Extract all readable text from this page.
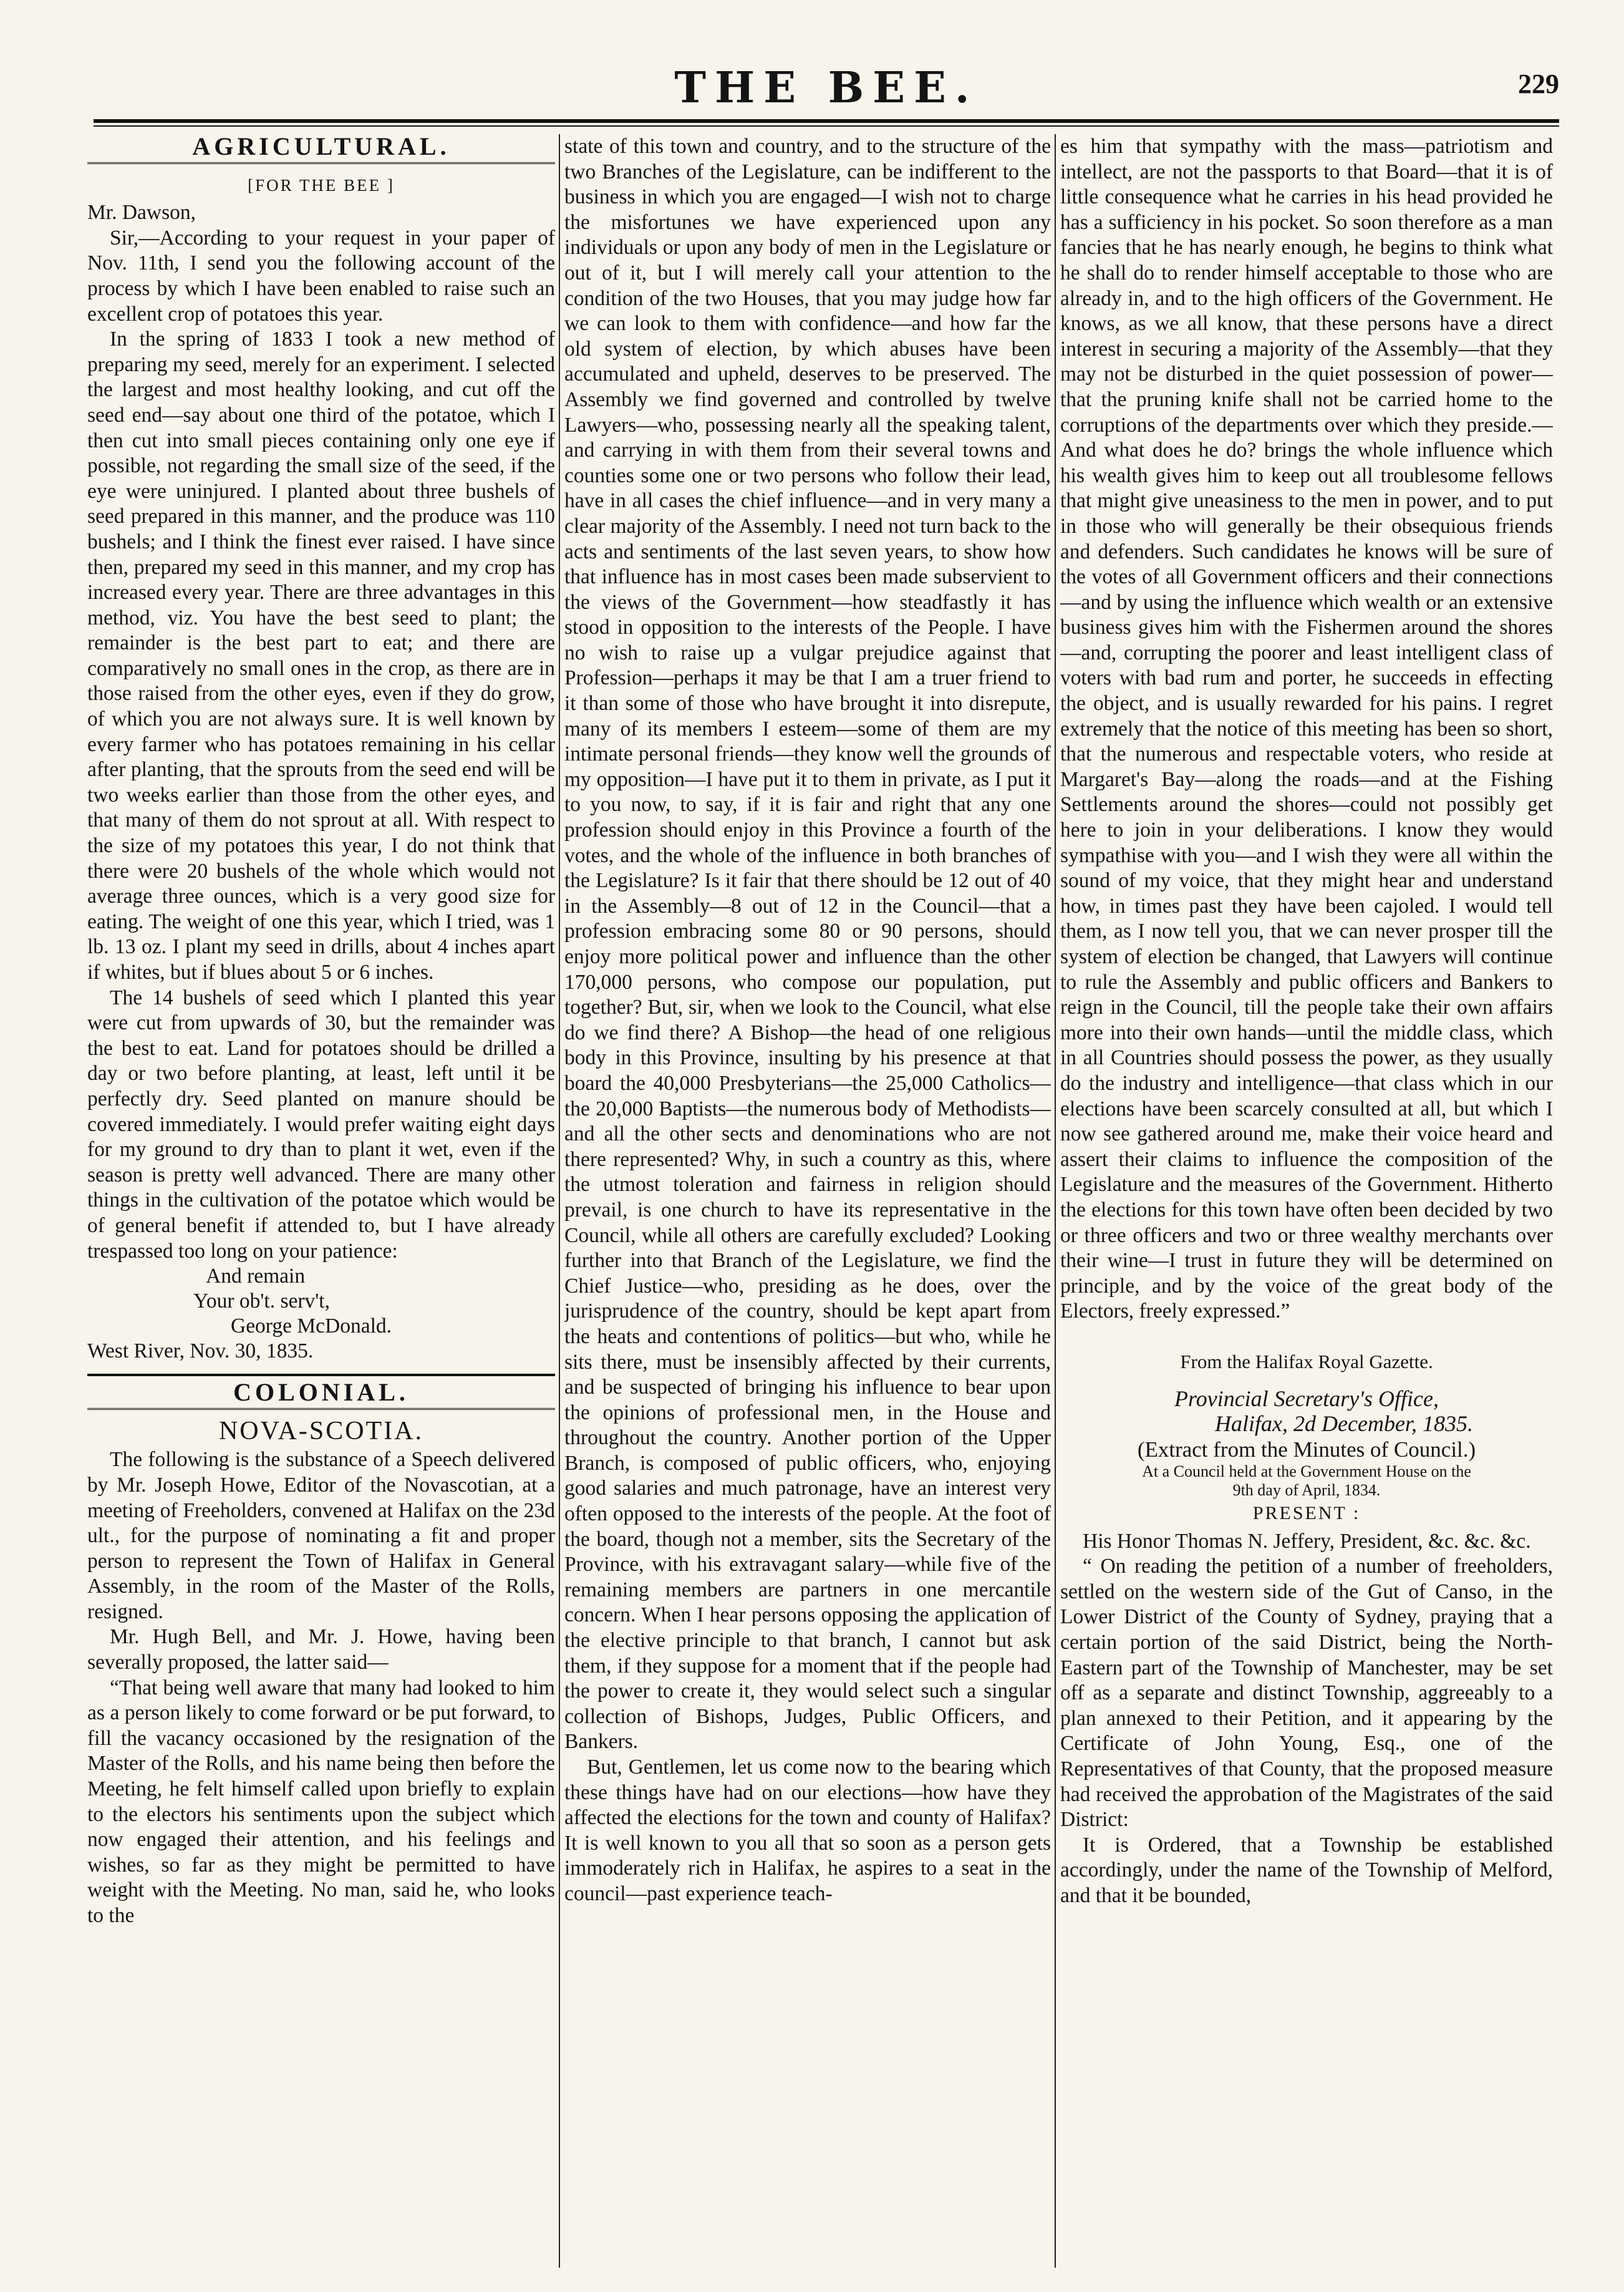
THE BEE.	229
AGRICULTURAL.
[FOR THE BEE ]
Mr. Dawson,

Sir,—According to your request in your paper of Nov. 11th, I send you the following account of the process by which I have been enabled to raise such an excellent crop of potatoes this year.

In the spring of 1833 I took a new method of preparing my seed, merely for an experiment. I selected the largest and most healthy looking, and cut off the seed end—say about one third of the potatoe, which I then cut into small pieces containing only one eye if possible, not regarding the small size of the seed, if the eye were uninjured. I planted about three bushels of seed prepared in this manner, and the produce was 110 bushels; and I think the finest ever raised. I have since then, prepared my seed in this manner, and my crop has increased every year. There are three advantages in this method, viz. You have the best seed to plant; the remainder is the best part to eat; and there are comparatively no small ones in the crop, as there are in those raised from the other eyes, even if they do grow, of which you are not always sure. It is well known by every farmer who has potatoes remaining in his cellar after planting, that the sprouts from the seed end will be two weeks earlier than those from the other eyes, and that many of them do not sprout at all. With respect to the size of my potatoes this year, I do not think that there were 20 bushels of the whole which would not average three ounces, which is a very good size for eating. The weight of one this year, which I tried, was 1 lb. 13 oz. I plant my seed in drills, about 4 inches apart if whites, but if blues about 5 or 6 inches.

The 14 bushels of seed which I planted this year were cut from upwards of 30, but the remainder was the best to eat. Land for potatoes should be drilled a day or two before planting, at least, left until it be perfectly dry. Seed planted on manure should be covered immediately. I would prefer waiting eight days for my ground to dry than to plant it wet, even if the season is pretty well advanced. There are many other things in the cultivation of the potatoe which would be of general benefit if attended to, but I have already trespassed too long on your patience:

And remain
Your ob't. serv't,
George McDonald.
West River, Nov. 30, 1835.
COLONIAL.
NOVA-SCOTIA.

The following is the substance of a Speech delivered by Mr. Joseph Howe, Editor of the Novascotian, at a meeting of Freeholders, convened at Halifax on the 23d ult., for the purpose of nominating a fit and proper person to represent the Town of Halifax in General Assembly, in the room of the Master of the Rolls, resigned.

Mr. Hugh Bell, and Mr. J. Howe, having been severally proposed, the latter said—

“That being well aware that many had looked to him as a person likely to come forward or be put forward, to fill the vacancy occasioned by the resignation of the Master of the Rolls, and his name being then before the Meeting, he felt himself called upon briefly to explain to the electors his sentiments upon the subject which now engaged their attention, and his feelings and wishes, so far as they might be permitted to have weight with the Meeting. No man, said he, who looks to the

state of this town and country, and to the structure of the two Branches of the Legislature, can be indifferent to the business in which you are engaged—I wish not to charge the misfortunes we have experienced upon any individuals or upon any body of men in the Legislature or out of it, but I will merely call your attention to the condition of the two Houses, that you may judge how far we can look to them with confidence—and how far the old system of election, by which abuses have been accumulated and upheld, deserves to be preserved. The Assembly we find governed and controlled by twelve Lawyers—who, possessing nearly all the speaking talent, and carrying in with them from their several towns and counties some one or two persons who follow their lead, have in all cases the chief influence—and in very many a clear majority of the Assembly. I need not turn back to the acts and sentiments of the last seven years, to show how that influence has in most cases been made subservient to the views of the Government—how steadfastly it has stood in opposition to the interests of the People. I have no wish to raise up a vulgar prejudice against that Profession—perhaps it may be that I am a truer friend to it than some of those who have brought it into disrepute, many of its members I esteem—some of them are my intimate personal friends—they know well the grounds of my opposition—I have put it to them in private, as I put it to you now, to say, if it is fair and right that any one profession should enjoy in this Province a fourth of the votes, and the whole of the influence in both branches of the Legislature? Is it fair that there should be 12 out of 40 in the Assembly—8 out of 12 in the Council—that a profession embracing some 80 or 90 persons, should enjoy more political power and influence than the other 170,000 persons, who compose our population, put together? But, sir, when we look to the Council, what else do we find there? A Bishop—the head of one religious body in this Province, insulting by his presence at that board the 40,000 Presbyterians—the 25,000 Catholics—the 20,000 Baptists—the numerous body of Methodists—and all the other sects and denominations who are not there represented? Why, in such a country as this, where the utmost toleration and fairness in religion should prevail, is one church to have its representative in the Council, while all others are carefully excluded? Looking further into that Branch of the Legislature, we find the Chief Justice—who, presiding as he does, over the jurisprudence of the country, should be kept apart from the heats and contentions of politics—but who, while he sits there, must be insensibly affected by their currents, and be suspected of bringing his influence to bear upon the opinions of professional men, in the House and throughout the country. Another portion of the Upper Branch, is composed of public officers, who, enjoying good salaries and much patronage, have an interest very often opposed to the interests of the people. At the foot of the board, though not a member, sits the Secretary of the Province, with his extravagant salary—while five of the remaining members are partners in one mercantile concern. When I hear persons opposing the application of the elective principle to that branch, I cannot but ask them, if they suppose for a moment that if the people had the power to create it, they would select such a singular collection of Bishops, Judges, Public Officers, and Bankers.

But, Gentlemen, let us come now to the bearing which these things have had on our elections—how have they affected the elections for the town and county of Halifax? It is well known to you all that so soon as a person gets immoderately rich in Halifax, he aspires to a seat in the council—past experience teach-

es him that sympathy with the mass—patriotism and intellect, are not the passports to that Board—that it is of little consequence what he carries in his head provided he has a sufficiency in his pocket. So soon therefore as a man fancies that he has nearly enough, he begins to think what he shall do to render himself acceptable to those who are already in, and to the high officers of the Government. He knows, as we all know, that these persons have a direct interest in securing a majority of the Assembly—that they may not be disturbed in the quiet possession of power—that the pruning knife shall not be carried home to the corruptions of the departments over which they preside.—And what does he do? brings the whole influence which his wealth gives him to keep out all troublesome fellows that might give uneasiness to the men in power, and to put in those who will generally be their obsequious friends and defenders. Such candidates he knows will be sure of the votes of all Government officers and their connections—and by using the influence which wealth or an extensive business gives him with the Fishermen around the shores—and, corrupting the poorer and least intelligent class of voters with bad rum and porter, he succeeds in effecting the object, and is usually rewarded for his pains. I regret extremely that the notice of this meeting has been so short, that the numerous and respectable voters, who reside at Margaret's Bay—along the roads—and at the Fishing Settlements around the shores—could not possibly get here to join in your deliberations. I know they would sympathise with you—and I wish they were all within the sound of my voice, that they might hear and understand how, in times past they have been cajoled. I would tell them, as I now tell you, that we can never prosper till the system of election be changed, that Lawyers will continue to rule the Assembly and public officers and Bankers to reign in the Council, till the people take their own affairs more into their own hands—until the middle class, which in all Countries should possess the power, as they usually do the industry and intelligence—that class which in our elections have been scarcely consulted at all, but which I now see gathered around me, make their voice heard and assert their claims to influence the composition of the Legislature and the measures of the Government. Hitherto the elections for this town have often been decided by two or three officers and two or three wealthy merchants over their wine—I trust in future they will be determined on principle, and by the voice of the great body of the Electors, freely expressed.”

From the Halifax Royal Gazette.
Provincial Secretary's Office,
Halifax, 2d December, 1835.
(Extract from the Minutes of Council.)
At a Council held at the Government House on the
9th day of April, 1834.
PRESENT :

His Honor Thomas N. Jeffery, President, &c. &c. &c.

“ On reading the petition of a number of freeholders, settled on the western side of the Gut of Canso, in the Lower District of the County of Sydney, praying that a certain portion of the said District, being the North-Eastern part of the Township of Manchester, may be set off as a separate and distinct Township, aggreeably to a plan annexed to their Petition, and it appearing by the Certificate of John Young, Esq., one of the Representatives of that County, that the proposed measure had received the approbation of the Magistrates of the said District:

It is Ordered, that a Township be established accordingly, under the name of the Township of Melford, and that it be bounded,
